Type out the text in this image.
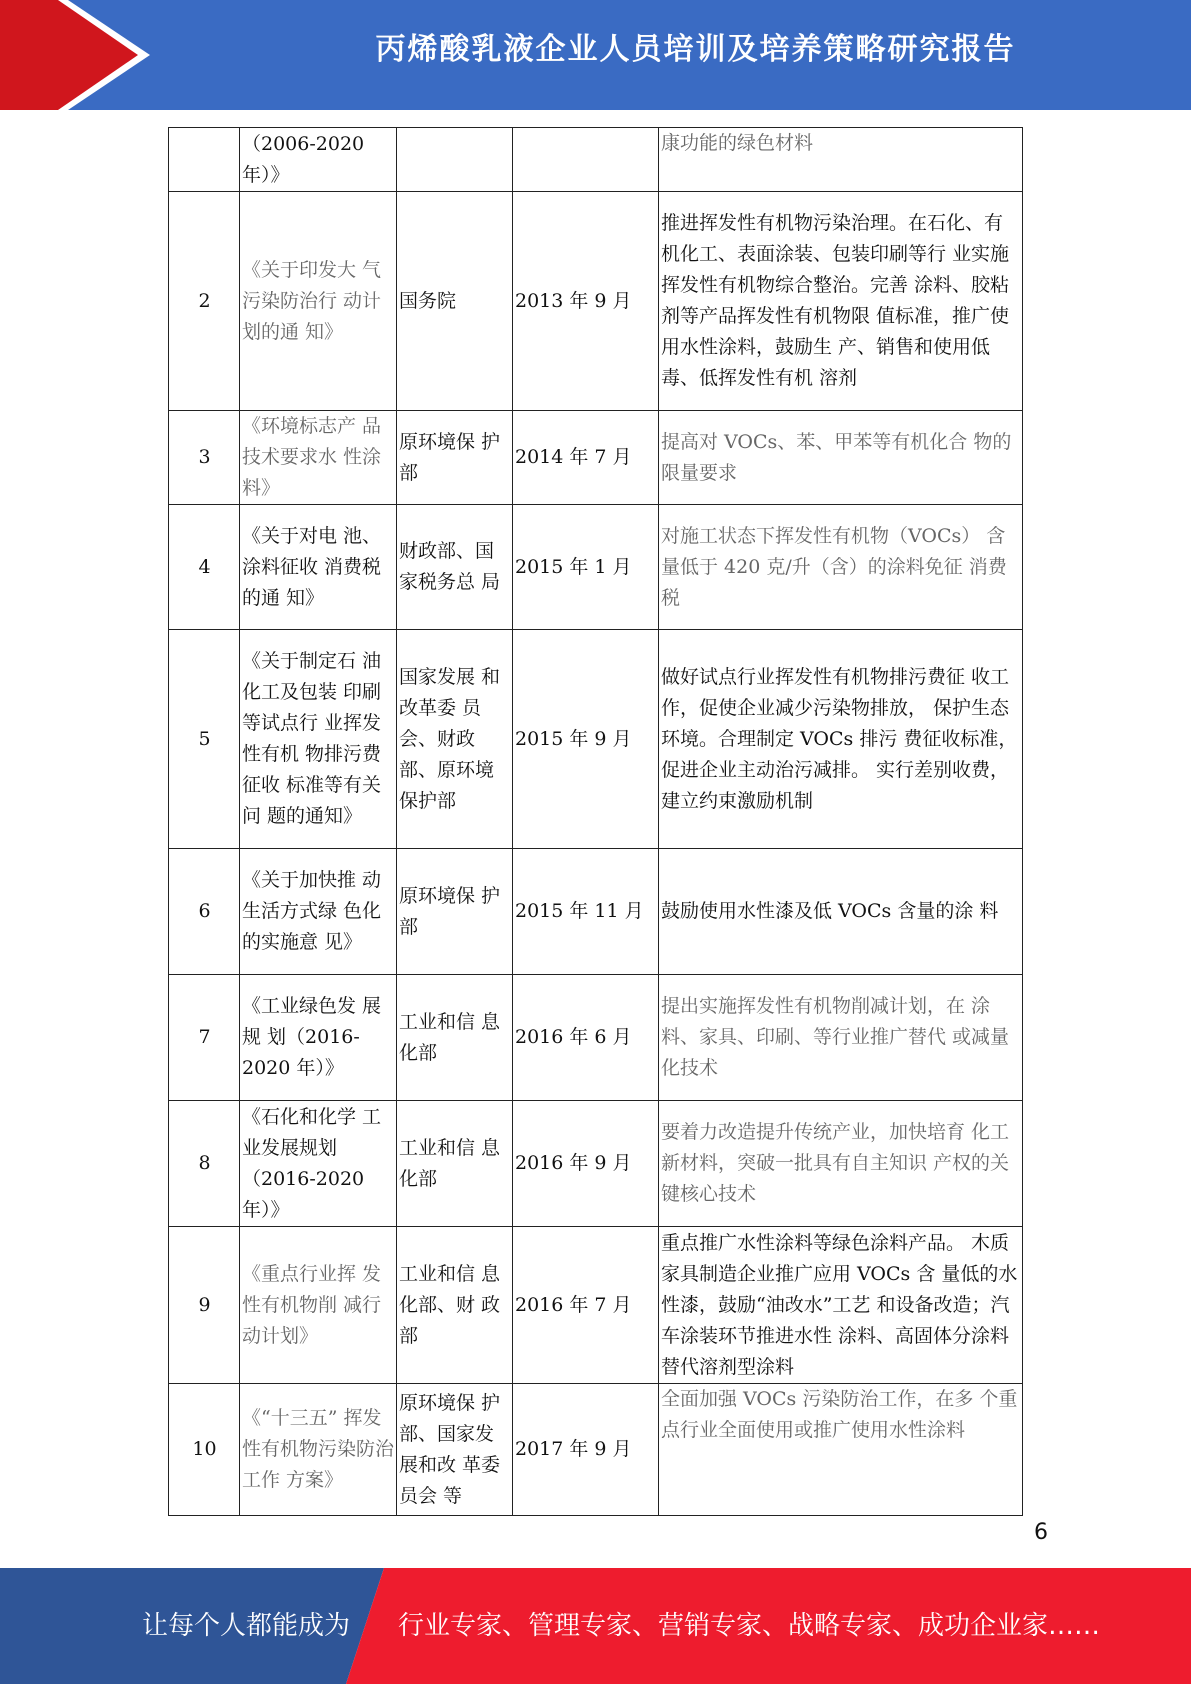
丙烯酸乳液企业人员培训及培养策略研究报告
	（2006-2020 年）》			康功能的绿色材料
2	《关于印发大 气污染防治行 动计划的通 知》	国务院	2013 年 9 月	推进挥发性有机物污染治理。在石化、有机化工、表面涂装、包装印刷等行 业实施挥发性有机物综合整治。完善 涂料、胶粘剂等产品挥发性有机物限 值标准，推广使用水性涂料，鼓励生 产、销售和使用低毒、低挥发性有机 溶剂
3	《环境标志产 品技术要求水 性涂料》	原环境保 护部	2014 年 7 月	提高对 VOCs、苯、甲苯等有机化合 物的限量要求
4	《关于对电 池、涂料征收 消费税的通 知》	财政部、国家税务总 局	2015 年 1 月	对施工状态下挥发性有机物（VOCs） 含量低于 420 克/升（含）的涂料免征 消费税
5	《关于制定石 油化工及包装 印刷等试点行 业挥发性有机 物排污费征收 标准等有关问 题的通知》	国家发展 和改革委 员会、财政 部、原环境 保护部	2015 年 9 月	做好试点行业挥发性有机物排污费征 收工作，促使企业减少污染物排放， 保护生态环境。合理制定 VOCs 排污 费征收标准，促进企业主动治污减排。 实行差别收费，建立约束激励机制
6	《关于加快推 动生活方式绿 色化的实施意 见》	原环境保 护部	2015 年 11 月	鼓励使用水性漆及低 VOCs 含量的涂 料
7	《工业绿色发 展规 划（2016-2020 年）》	工业和信 息化部	2016 年 6 月	提出实施挥发性有机物削减计划，在 涂料、家具、印刷、等行业推广替代 或减量化技术
8	《石化和化学 工业发展规划（2016-2020 年）》	工业和信 息化部	2016 年 9 月	要着力改造提升传统产业，加快培育 化工新材料，突破一批具有自主知识 产权的关键核心技术
9	《重点行业挥 发性有机物削 减行动计划》	工业和信 息化部、财 政部	2016 年 7 月	重点推广水性涂料等绿色涂料产品。 木质家具制造企业推广应用 VOCs 含 量低的水性漆，鼓励“油改水”工艺 和设备改造；汽车涂装环节推进水性 涂料、高固体分涂料替代溶剂型涂料
10	《“十三五” 挥发性有机物污染防治工作 方案》	原环境保 护部、国家发展和改 革委员会 等	2017 年 9 月	全面加强 VOCs 污染防治工作，在多 个重点行业全面使用或推广使用水性涂料
6
让每个人都能成为 行业专家、管理专家、营销专家、战略专家、成功企业家……
